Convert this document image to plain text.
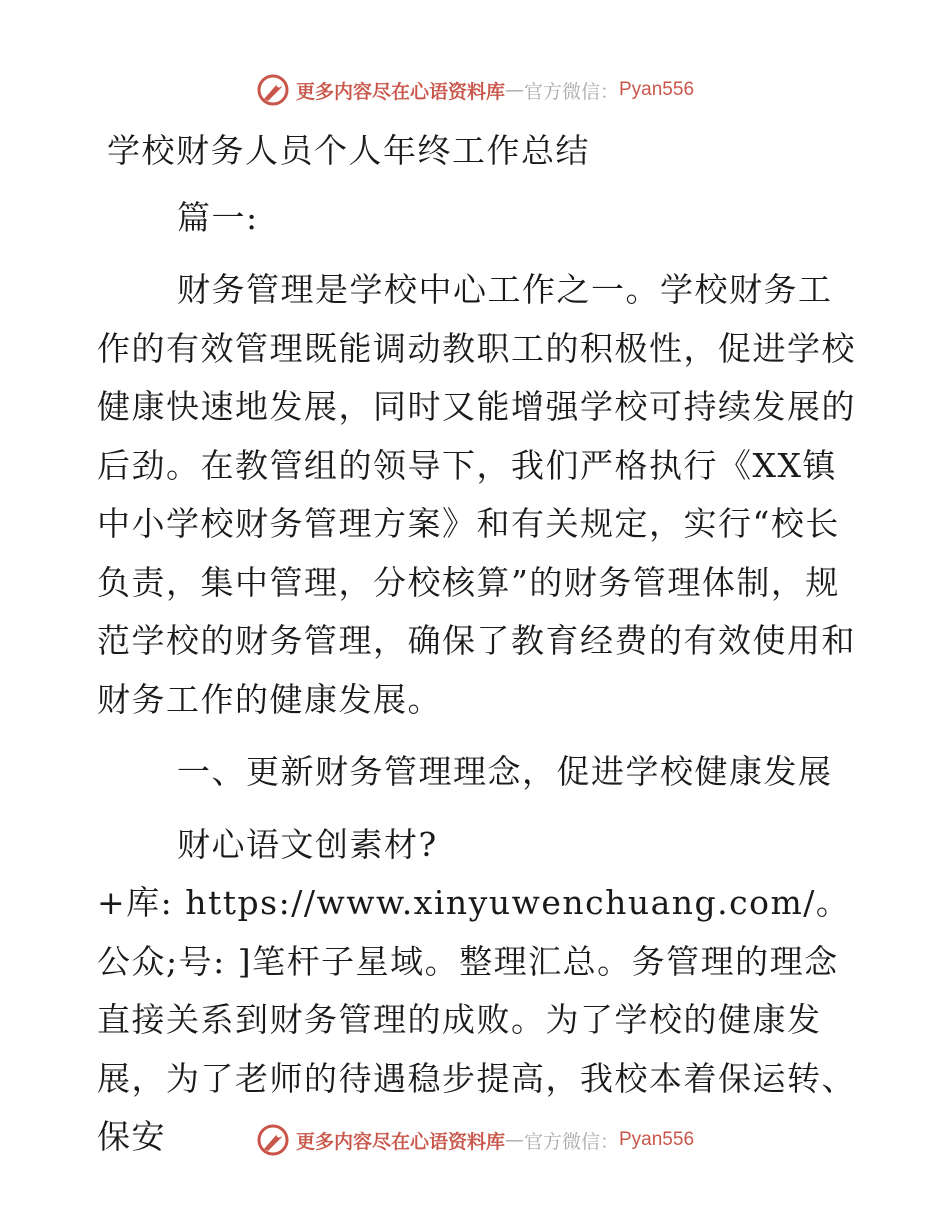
更多内容尽在心语资料库 — 官方微信： Pyan556

学校财务人员个人年终工作总结

篇一:

财务管理是学校中心工作之一。学校财务工作的有效管理既能调动教职工的积极性，促进学校健康快速地发展，同时又能增强学校可持续发展的后劲。在教管组的领导下，我们严格执行《XX镇中小学校财务管理方案》和有关规定，实行“校长负责，集中管理，分校核算”的财务管理体制，规范学校的财务管理，确保了教育经费的有效使用和财务工作的健康发展。

一、更新财务管理理念，促进学校健康发展

财心语文创素材?

+库: https://www.xinyuwenchuang.com/。公众;号: ]笔杆子星域。整理汇总。务管理的理念直接关系到财务管理的成败。为了学校的健康发展，为了老师的待遇稳步提高，我校本着保运转、保安	更多内容尽在心语资料库 — 官方微信： Pyan556
